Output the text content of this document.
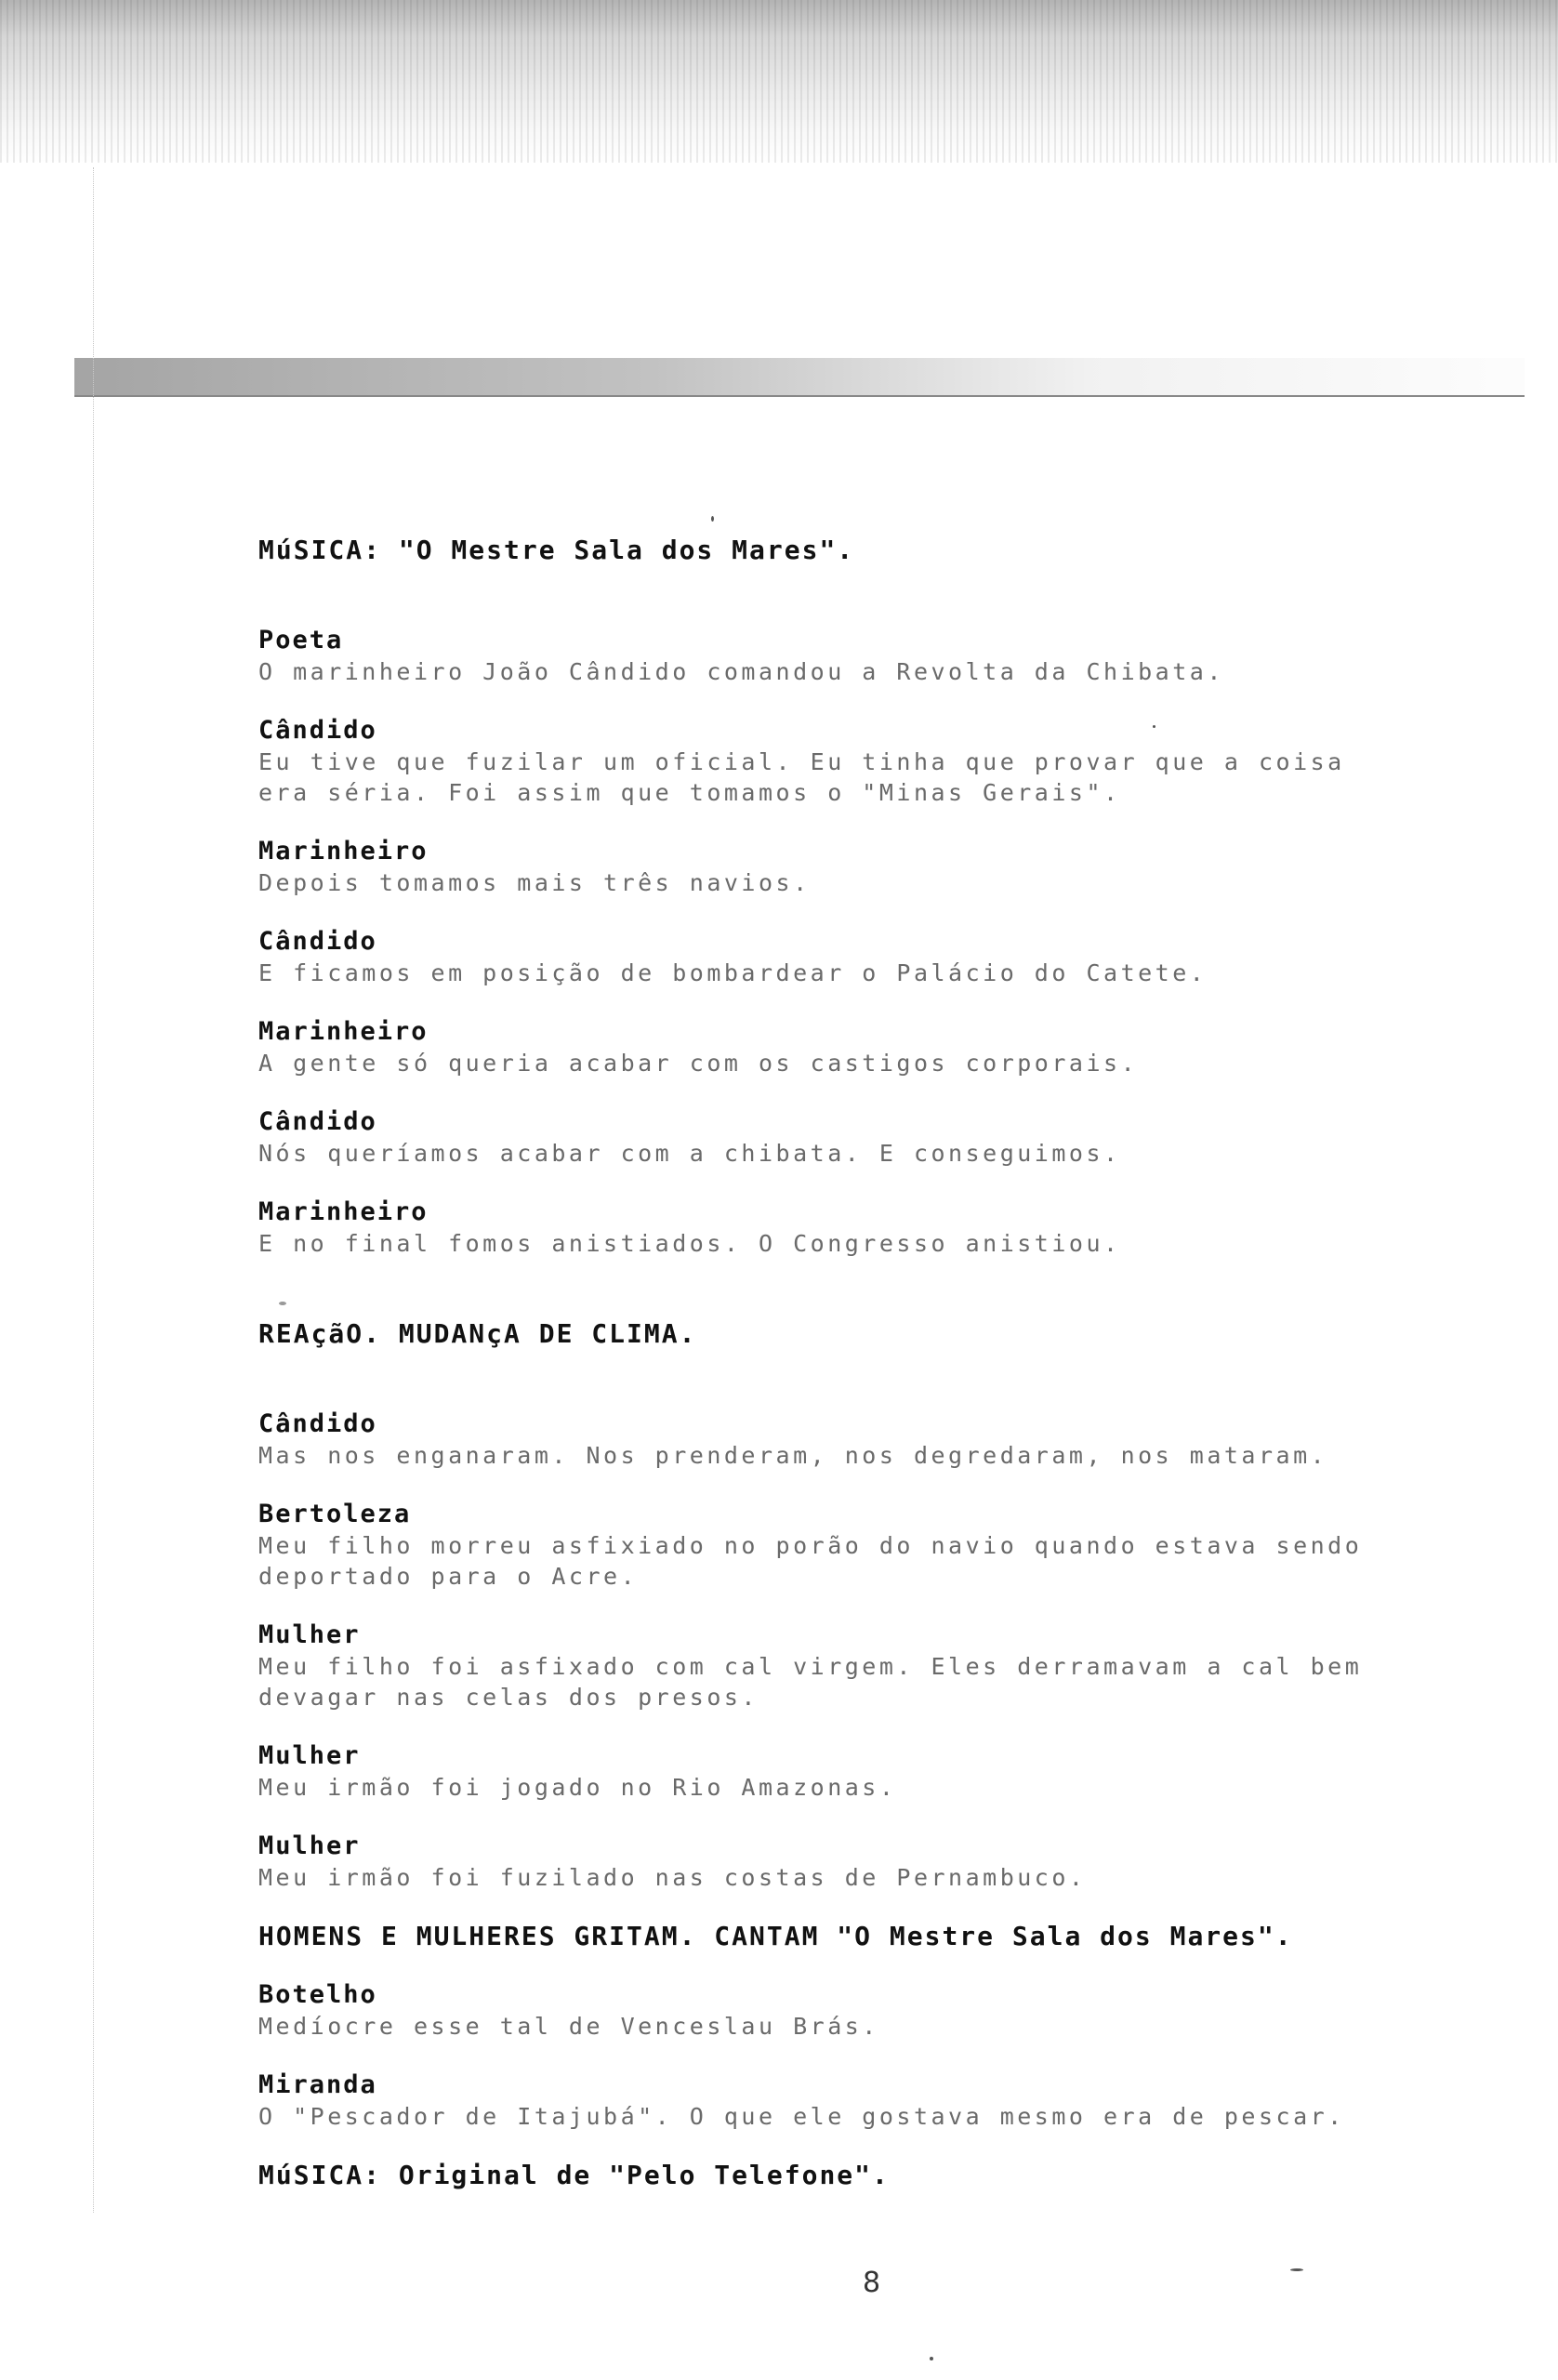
MúSICA: "O Mestre Sala dos Mares".
Poeta
O marinheiro João Cândido comandou a Revolta da Chibata.
Cândido
Eu tive que fuzilar um oficial. Eu tinha que provar que a coisa
era séria. Foi assim que tomamos o "Minas Gerais".
Marinheiro
Depois tomamos mais três navios.
Cândido
E ficamos em posição de bombardear o Palácio do Catete.
Marinheiro
A gente só queria acabar com os castigos corporais.
Cândido
Nós queríamos acabar com a chibata. E conseguimos.
Marinheiro
E no final fomos anistiados. O Congresso anistiou.
REAçãO. MUDANçA DE CLIMA.
Cândido
Mas nos enganaram. Nos prenderam, nos degredaram, nos mataram.
Bertoleza
Meu filho morreu asfixiado no porão do navio quando estava sendo
deportado para o Acre.
Mulher
Meu filho foi asfixado com cal virgem. Eles derramavam a cal bem
devagar nas celas dos presos.
Mulher
Meu irmão foi jogado no Rio Amazonas.
Mulher
Meu irmão foi fuzilado nas costas de Pernambuco.
HOMENS E MULHERES GRITAM. CANTAM "O Mestre Sala dos Mares".
Botelho
Medíocre esse tal de Venceslau Brás.
Miranda
O "Pescador de Itajubá". O que ele gostava mesmo era de pescar.
MúSICA: Original de "Pelo Telefone".
8
